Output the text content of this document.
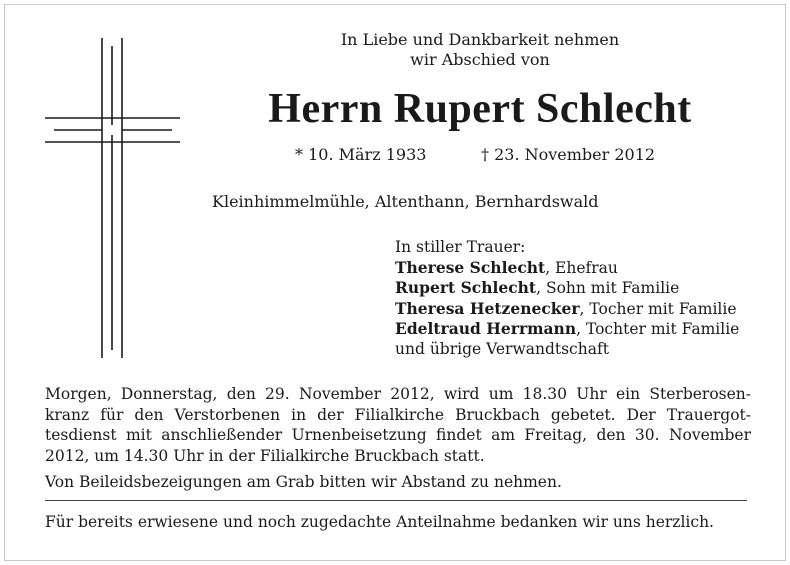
In Liebe und Dankbarkeit nehmen
wir Abschied von
Herrn Rupert Schlecht
* 10. März 1933	† 23. November 2012
Kleinhimmelmühle, Altenthann, Bernhardswald
In stiller Trauer:
Therese Schlecht, Ehefrau
Rupert Schlecht, Sohn mit Familie
Theresa Hetzenecker, Tocher mit Familie
Edeltraud Herrmann, Tochter mit Familie
und übrige Verwandtschaft
Morgen, Donnerstag, den 29. November 2012, wird um 18.30 Uhr ein Sterberosen-
kranz für den Verstorbenen in der Filialkirche Bruckbach gebetet. Der Trauergot-
tesdienst mit anschließender Urnenbeisetzung findet am Freitag, den 30. November
2012, um 14.30 Uhr in der Filialkirche Bruckbach statt.
Von Beileidsbezeigungen am Grab bitten wir Abstand zu nehmen.
Für bereits erwiesene und noch zugedachte Anteilnahme bedanken wir uns herzlich.
